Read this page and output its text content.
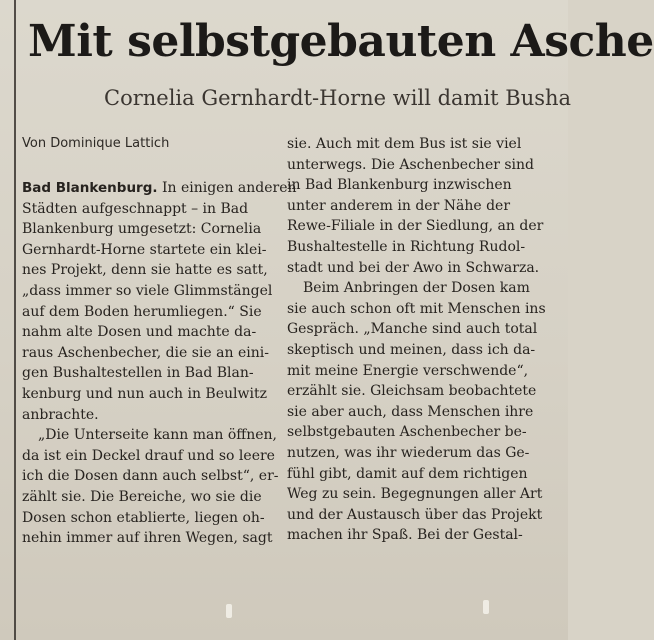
Mit selbstgebauten Asche
Cornelia Gernhardt-Horne will damit Busha
Von Dominique Lattich
Bad Blankenburg. In einigen anderen
Städten aufgeschnappt – in Bad
Blankenburg umgesetzt: Cornelia
Gernhardt-Horne startete ein klei-
nes Projekt, denn sie hatte es satt,
„dass immer so viele Glimmstängel
auf dem Boden herumliegen.“ Sie
nahm alte Dosen und machte da-
raus Aschenbecher, die sie an eini-
gen Bushaltestellen in Bad Blan-
kenburg und nun auch in Beulwitz
anbrachte.
„Die Unterseite kann man öffnen,
da ist ein Deckel drauf und so leere
ich die Dosen dann auch selbst“, er-
zählt sie. Die Bereiche, wo sie die
Dosen schon etablierte, liegen oh-
nehin immer auf ihren Wegen, sagt
sie. Auch mit dem Bus ist sie viel
unterwegs. Die Aschenbecher sind
in Bad Blankenburg inzwischen
unter anderem in der Nähe der
Rewe-Filiale in der Siedlung, an der
Bushaltestelle in Richtung Rudol-
stadt und bei der Awo in Schwarza.
Beim Anbringen der Dosen kam
sie auch schon oft mit Menschen ins
Gespräch. „Manche sind auch total
skeptisch und meinen, dass ich da-
mit meine Energie verschwende“,
erzählt sie. Gleichsam beobachtete
sie aber auch, dass Menschen ihre
selbstgebauten Aschenbecher be-
nutzen, was ihr wiederum das Ge-
fühl gibt, damit auf dem richtigen
Weg zu sein. Begegnungen aller Art
und der Austausch über das Projekt
machen ihr Spaß. Bei der Gestal-
